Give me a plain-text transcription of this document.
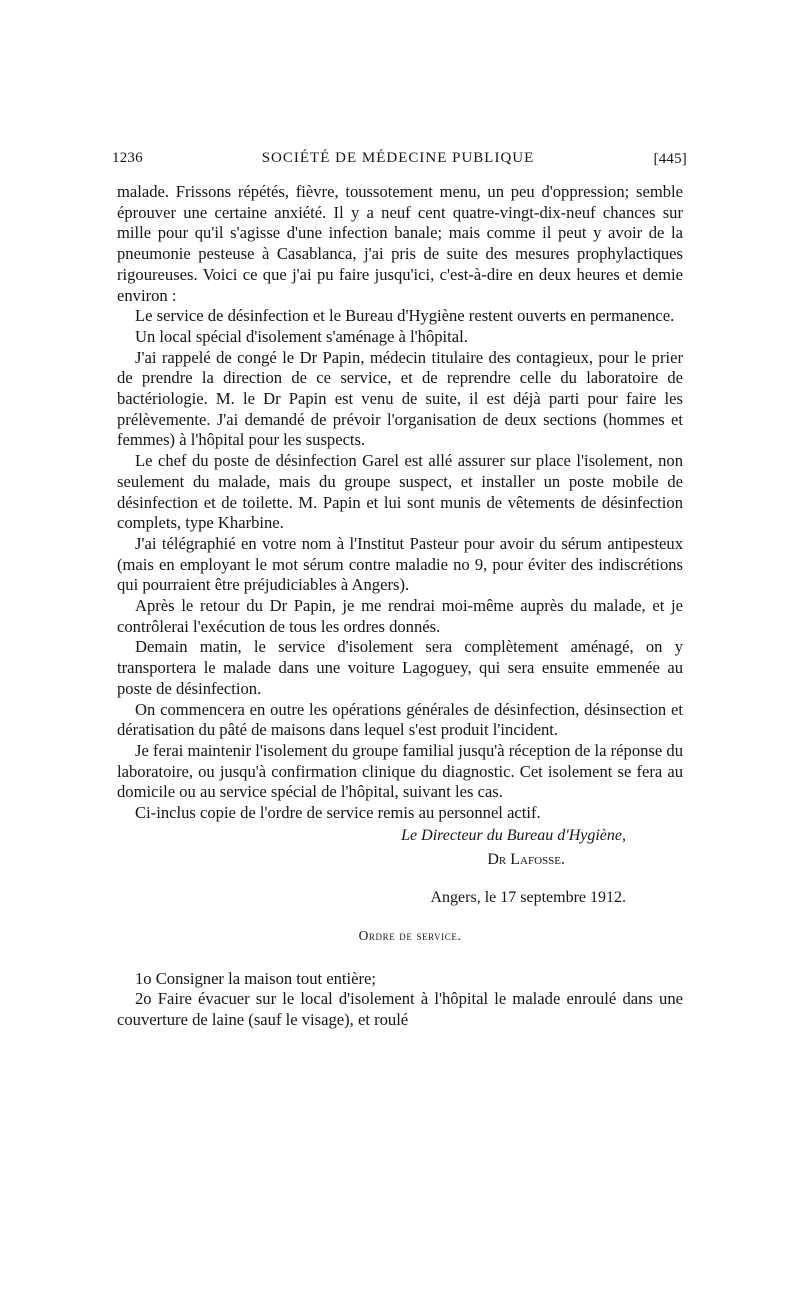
1236	SOCIÉTÉ DE MÉDECINE PUBLIQUE	[445]

malade. Frissons répétés, fièvre, toussotement menu, un peu d'oppression; semble éprouver une certaine anxiété. Il y a neuf cent quatre-vingt-dix-neuf chances sur mille pour qu'il s'agisse d'une infection banale; mais comme il peut y avoir de la pneumonie pesteuse à Casablanca, j'ai pris de suite des mesures prophylactiques rigoureuses. Voici ce que j'ai pu faire jusqu'ici, c'est-à-dire en deux heures et demie environ :

Le service de désinfection et le Bureau d'Hygiène restent ouverts en permanence.

Un local spécial d'isolement s'aménage à l'hôpital.

J'ai rappelé de congé le Dr Papin, médecin titulaire des contagieux, pour le prier de prendre la direction de ce service, et de reprendre celle du laboratoire de bactériologie. M. le Dr Papin est venu de suite, il est déjà parti pour faire les prélèvemente. J'ai demandé de prévoir l'organisation de deux sections (hommes et femmes) à l'hôpital pour les suspects.

Le chef du poste de désinfection Garel est allé assurer sur place l'isolement, non seulement du malade, mais du groupe suspect, et installer un poste mobile de désinfection et de toilette. M. Papin et lui sont munis de vêtements de désinfection complets, type Kharbine.

J'ai télégraphié en votre nom à l'Institut Pasteur pour avoir du sérum antipesteux (mais en employant le mot sérum contre maladie no 9, pour éviter des indiscrétions qui pourraient être préjudiciables à Angers).

Après le retour du Dr Papin, je me rendrai moi-même auprès du malade, et je contrôlerai l'exécution de tous les ordres donnés.

Demain matin, le service d'isolement sera complètement aménagé, on y transportera le malade dans une voiture Lagoguey, qui sera ensuite emmenée au poste de désinfection.

On commencera en outre les opérations générales de désinfection, désinsection et dératisation du pâté de maisons dans lequel s'est produit l'incident.

Je ferai maintenir l'isolement du groupe familial jusqu'à réception de la réponse du laboratoire, ou jusqu'à confirmation clinique du diagnostic. Cet isolement se fera au domicile ou au service spécial de l'hôpital, suivant les cas.

Ci-inclus copie de l'ordre de service remis au personnel actif.

Le Directeur du Bureau d'Hygiène,
Dr Lafosse.
Angers, le 17 septembre 1912.
Ordre de service.

1o Consigner la maison tout entière;

2o Faire évacuer sur le local d'isolement à l'hôpital le malade enroulé dans une couverture de laine (sauf le visage), et roulé
